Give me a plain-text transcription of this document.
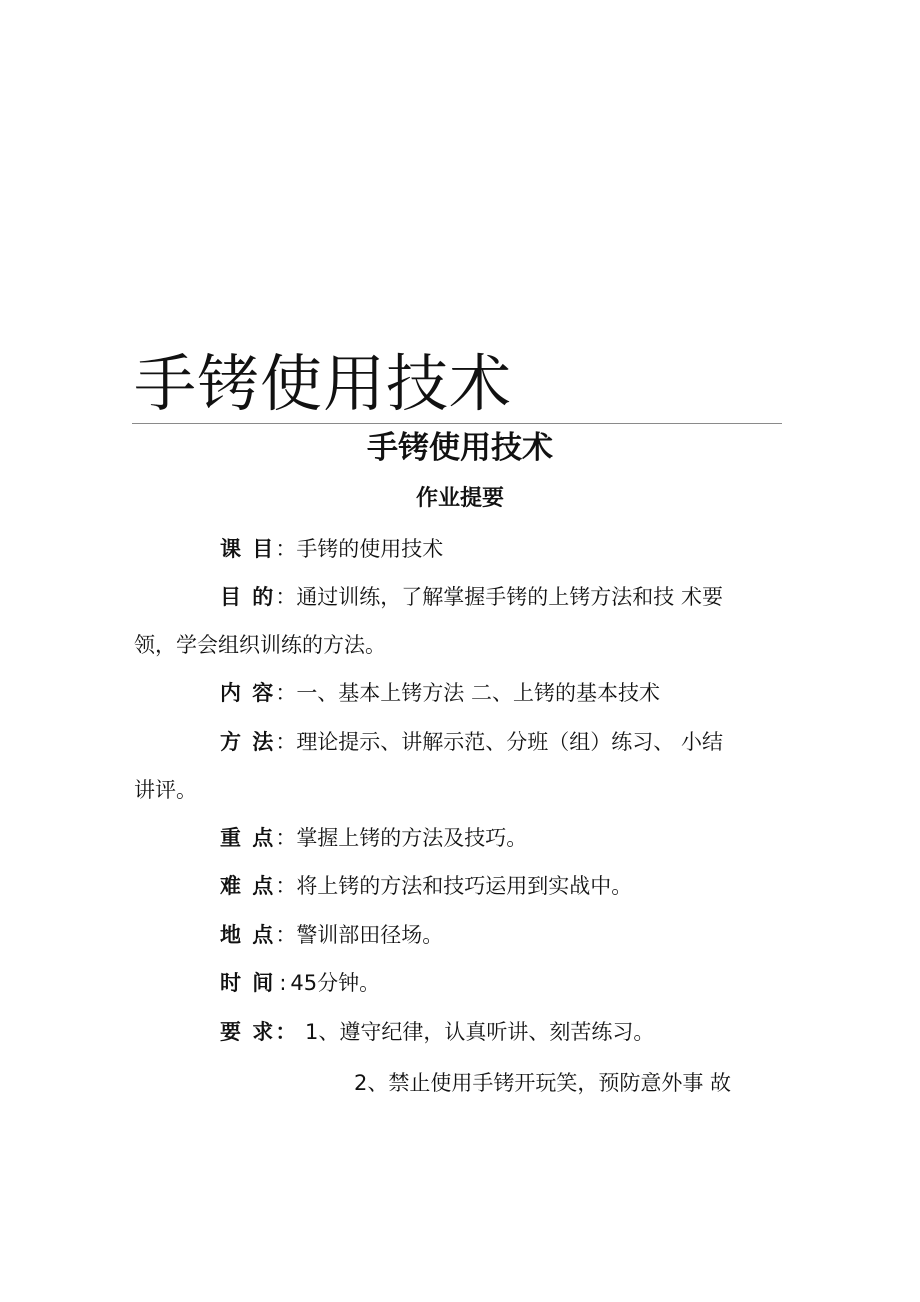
手铐使用技术
手铐使用技术
作业提要
课 目：手铐的使用技术
目 的：通过训练，了解掌握手铐的上铐方法和技 术要
领，学会组织训练的方法。
内 容：一、基本上铐方法 二、上铐的基本技术
方 法：理论提示、讲解示范、分班（组）练习、 小结
讲评。
重 点：掌握上铐的方法及技巧。
难 点：将上铐的方法和技巧运用到实战中。
地 点：警训部田径场。
时 间 : 45分钟。
要 求： 1、遵守纪律，认真听讲、刻苦练习。
2、禁止使用手铐开玩笑，预防意外事 故
